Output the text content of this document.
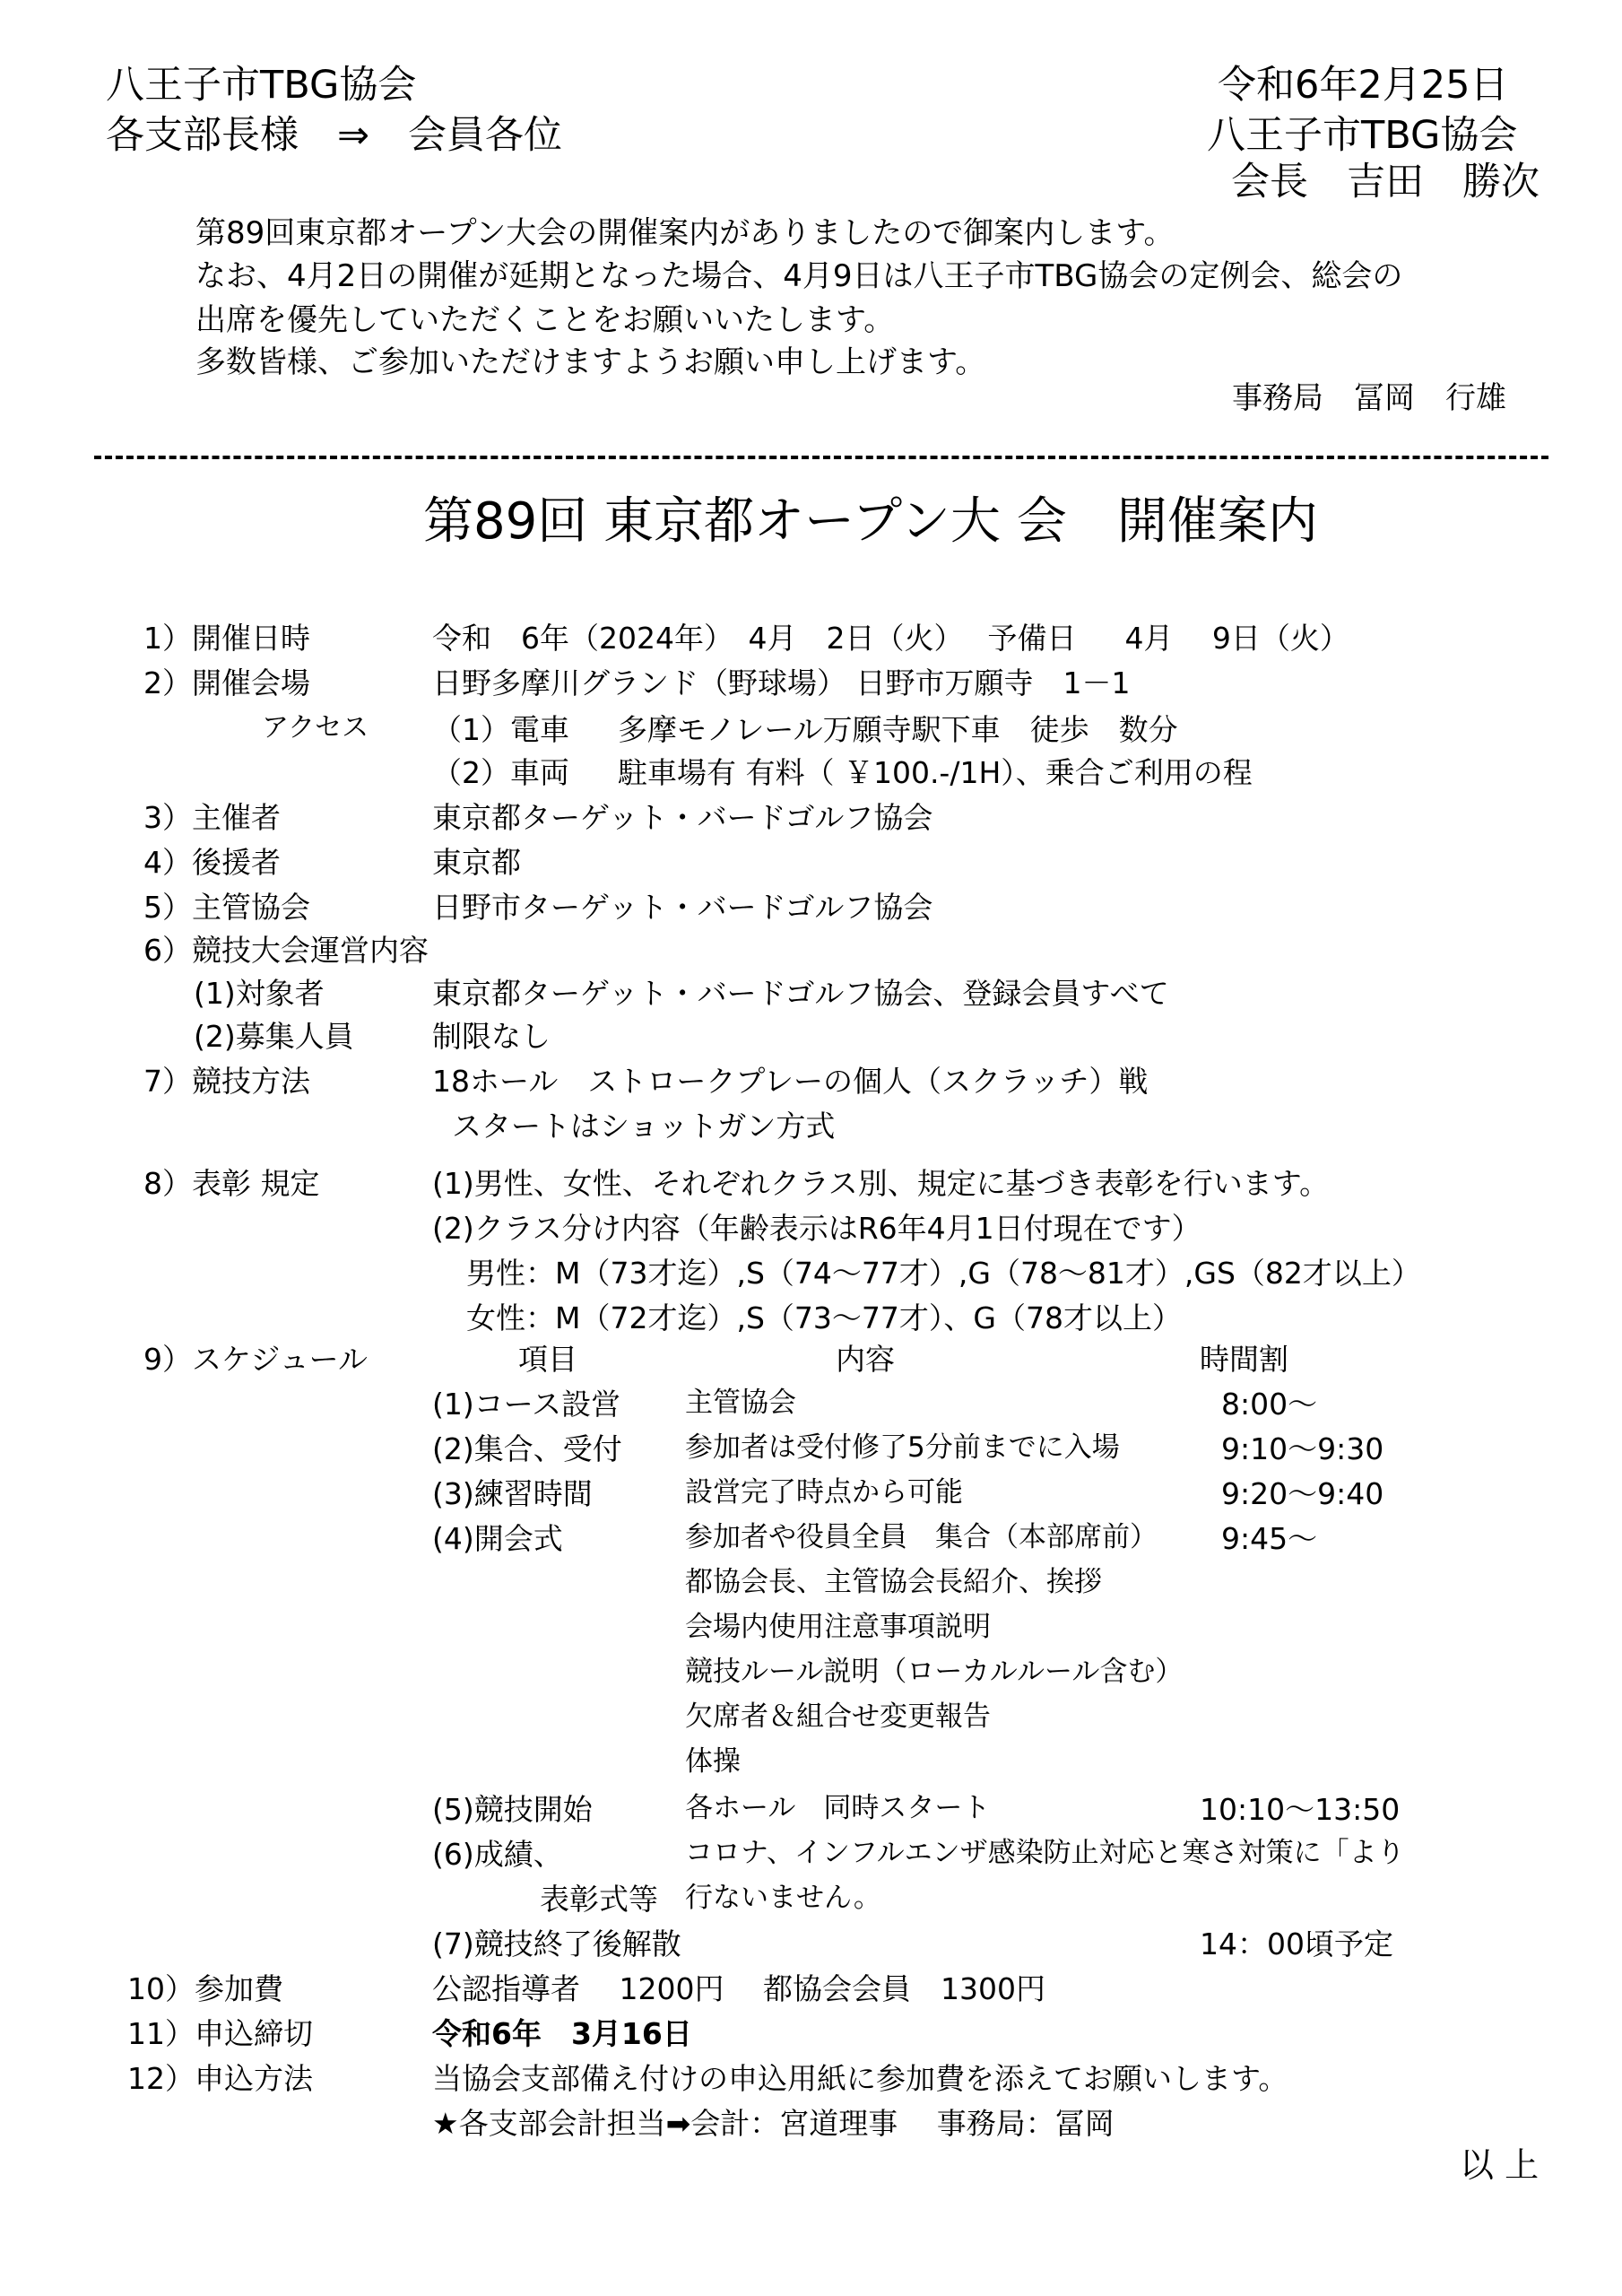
八王子市TBG協会
各支部長様　⇒　会員各位
令和6年2月25日
八王子市TBG協会
会長　吉田　勝次
第89回東京都オープン大会の開催案内がありましたので御案内します。
なお、4月2日の開催が延期となった場合、4月9日は八王子市TBG協会の定例会、総会の
出席を優先していただくことをお願いいたします。
多数皆様、ご参加いただけますようお願い申し上げます。
事務局　冨岡　行雄
第89回 東京都オープン大 会　開催案内
1）開催日時	令和　6年（2024年）　4月　2日（火）　 予備日 　 4月　 9日（火）
2）開催会場	日野多摩川グランド（野球場） 日野市万願寺　1－1
アクセス （1）電車 　 多摩モノレール万願寺駅下車　徒歩　数分
（2）車両 　 駐車場有 有料（ ￥100.-/1H）、乗合ご利用の程
3）主催者	東京都ターゲット・バードゴルフ協会
4）後援者	東京都
5）主管協会	日野市ターゲット・バードゴルフ協会
6）競技大会運営内容
(1)対象者	東京都ターゲット・バードゴルフ協会、登録会員すべて
(2)募集人員	制限なし
7）競技方法	18ホール　ストロークプレーの個人（スクラッチ）戦
スタートはショットガン方式
8）表彰 規定	(1)男性、女性、それぞれクラス別、規定に基づき表彰を行います。
(2)クラス分け内容（年齢表示はR6年4月1日付現在です）
男性：M（73才迄）,S（74～77才）,G（78～81才）,GS（82才以上）
女性：M（72才迄）,S（73～77才）、G（78才以上）
9）スケジュール	項目	内容	時間割
(1)コース設営 主管協会	8:00～
(2)集合、受付 参加者は受付修了5分前までに入場	9:10～9:30
(3)練習時間	設営完了時点から可能	9:20～9:40
(4)開会式	参加者や役員全員　集合（本部席前） 9:45～
都協会長、主管協会長紹介、挨拶
会場内使用注意事項説明
競技ルール説明（ローカルルール含む）
欠席者＆組合せ変更報告
体操
(5)競技開始	各ホール　同時スタート	10:10～13:50
(6)成績、	コロナ、インフルエンザ感染防止対応と寒さ対策に「より
表彰式等 行ないません。
(7)競技終了後解散	14：00頃予定
10）参加費	公認指導者　 1200円　 都協会会員　1300円
11）申込締切	令和6年　3月16日
12）申込方法	当協会支部備え付けの申込用紙に参加費を添えてお願いします。
★各支部会計担当➡会計：宮道理事　 事務局：冨岡
以 上
